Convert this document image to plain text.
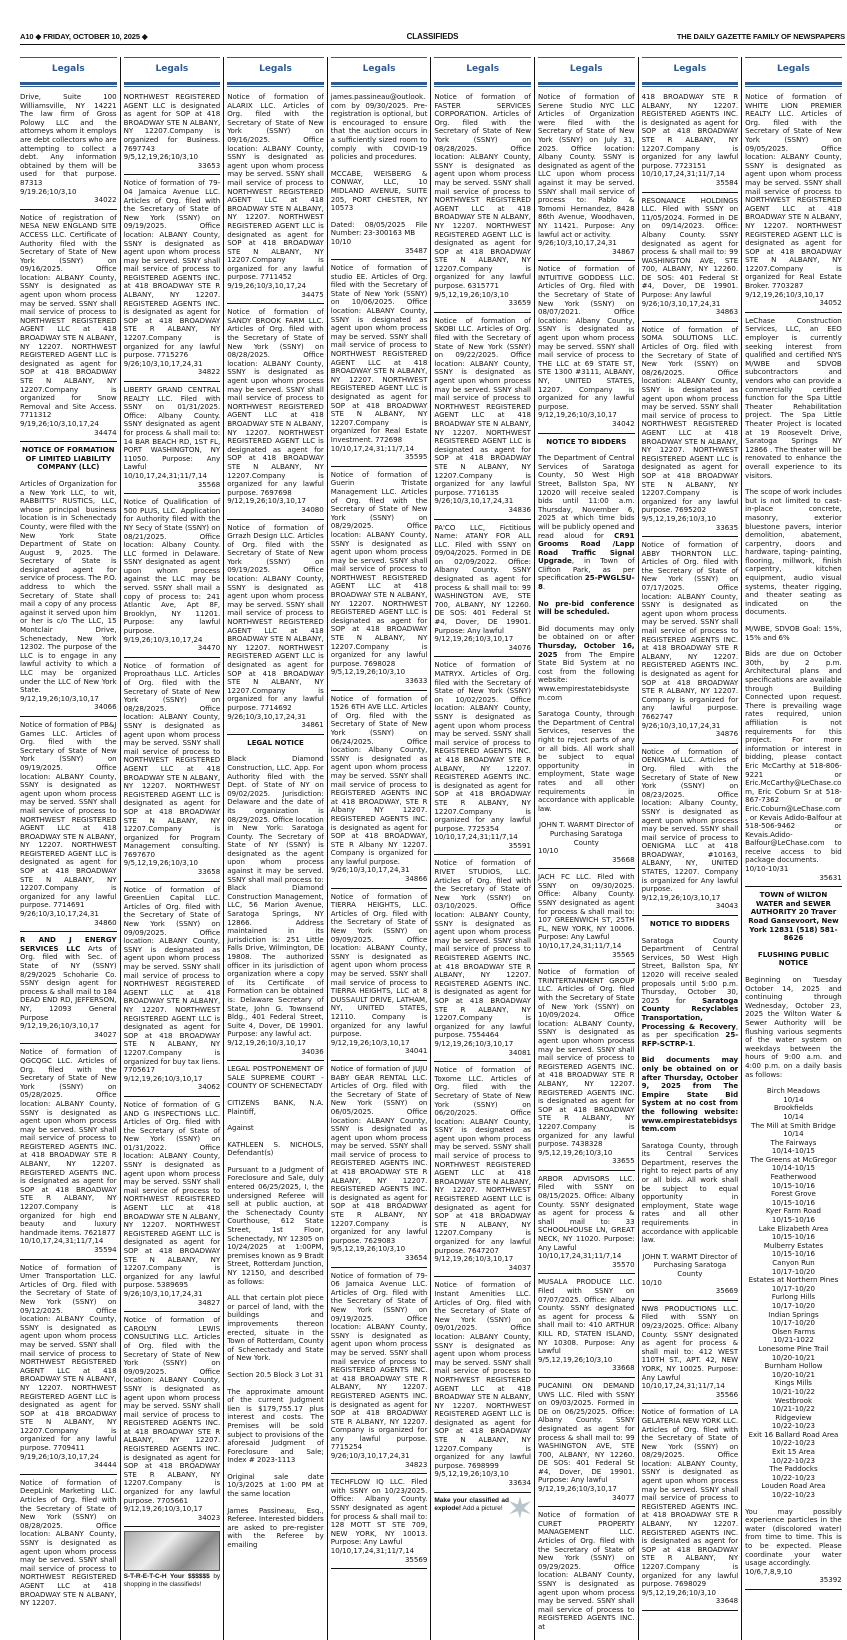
A10 ◆ FRIDAY, OCTOBER 10, 2025 ◆	CLASSIFIEDS	THE DAILY GAZETTE FAMILY OF NEWSPAPERS
Legals

Drive, Suite 100 Williamsville, NY 14221 The law firm of Gross Polowy LLC and the attorneys whom it employs are debt collectors who are attempting to collect a debt. Any information obtained by them will be used for that purpose. 87313

9/19.26;10/3,10
34022

Notice of registration of NESA NEW ENGLAND SITE ACCESS LLC. Certificate of Authority filed with the Secretary of State of New York (SSNY) on 09/16/2025. Office location: ALBANY County, SSNY is designated as agent upon whom process may be served. SSNY shall mail service of process to NORTHWEST REGISTERED AGENT LLC at 418 BROADWAY STE N ALBANY, NY 12207. NORTHWEST REGISTERED AGENT LLC is designated as agent for SOP at 418 BROADWAY STE N ALBANY, NY 12207.Company is organized for Snow Removal and Site Access. 7711312

9/19,26;10/3,10,17,24
34474

NOTICE OF FORMATION OF LIMITED LIABILITY COMPANY (LLC)

Articles of Organization for a New York LLC, to wit, RABBITTS' RUSTICS, LLC, whose principal business location is in Schenectady County, were filed with the New York State Department of State on August 9, 2025. The Secretary of State is designated agent for service of process. The P.O. address to which the Secretary of State shall mail a copy of any process against it served upon him or her is c/o The LLC, 15 Montclair Drive, Schenectady, New York 12302. The purpose of the LLC is to engage in any lawful activity to which a LLC may be organized under the LLC of New York State.

9/12,19,26;10/3,10,17
34066

Notice of formation of PB&J Games LLC. Articles of Org. filed with the Secretary of State of New York (SSNY) on 09/19/2025. Office location: ALBANY County, SSNY is designated as agent upon whom process may be served. SSNY shall mail service of process to NORTHWEST REGISTERED AGENT LLC at 418 BROADWAY STE N ALBANY, NY 12207. NORTHWEST REGISTERED AGENT LLC is designated as agent for SOP at 418 BROADWAY STE N ALBANY, NY 12207.Company is organized for any lawful purpose. 7714691

9/26;10/3,10,17,24,31
34860

R AND J ENERGY SERVICES LLC Arts of Org. filed with Sec. of State of NY (SSNY) 8/29/2025 Schoharie Co. SSNY design agent for process & shall mail to 184 DEAD END RD, JEFFERSON, NY, 12093 General Purpose

9/12,19,26;10/3,10,17
34027

Notice of formation of QGCQGC LLC. Articles of Org. filed with the Secretary of State of New York (SSNY) on 05/28/2025. Office location: ALBANY County, SSNY is designated as agent upon whom process may be served. SSNY shall mail service of process to REGISTERED AGENTS INC. at 418 BROADWAY STE R ALBANY, NY 12207. REGISTERED AGENTS INC. is designated as agent for SOP at 418 BROADWAY STE R ALBANY, NY 12207.Company is organized for high end beauty and luxury handmade items. 7621877

10/10,17,24,31;11/7,14
35594

Notice of formation of Umer Transportation LLC. Articles of Org. filed with the Secretary of State of New York (SSNY) on 09/12/2025. Office location: ALBANY County, SSNY is designated as agent upon whom process may be served. SSNY shall mail service of process to NORTHWEST REGISTERED AGENT LLC at 418 BROADWAY STE N ALBANY, NY 12207. NORTHWEST REGISTERED AGENT LLC is designated as agent for SOP at 418 BROADWAY STE N ALBANY, NY 12207.Company is organized for any lawful purpose. 7709411

9/19,26;10/3,10,17,24
34444

Notice of formation of DeepLink Marketing LLC. Articles of Org. filed with the Secretary of State of New York (SSNY) on 08/28/2025. Office location: ALBANY County, SSNY is designated as agent upon whom process may be served. SSNY shall mail service of process to NORTHWEST REGISTERED AGENT LLC at 418 BROADWAY STE N ALBANY, NY 12207.

Legals

NORTHWEST REGISTERED AGENT LLC is designated as agent for SOP at 418 BROADWAY STE N ALBANY, NY 12207.Company is organized for Business. 7697743

9/5,12,19,26;10/3,10
33653

Notice of formation of 79-04 Jamaica Avenue LLC. Articles of Org. filed with the Secretary of State of New York (SSNY) on 09/19/2025. Office location: ALBANY County, SSNY is designated as agent upon whom process may be served. SSNY shall mail service of process to REGISTERED AGENTS INC. at 418 BROADWAY STE R ALBANY, NY 12207. REGISTERED AGENTS INC. is designated as agent for SOP at 418 BROADWAY STE R ALBANY, NY 12207.Company is organized for any lawful purpose. 7715276

9/26;10/3,10,17,24,31
34822

LIBERTY GRAND CENTRAL REALTY LLC. Filed with SSNY on 01/31/2025. Office: Albany County. SSNY designated as agent for process & shall mail to: 14 BAR BEACH RD, 1ST FL, PORT WASHINGTON, NY 11050. Purpose: Any Lawful

10/10,17,24,31;11/7,14
35568

Notice of Qualification of 500 PLUS, LLC. Application for Authority filed with the NY Secy of State (SSNY) on 08/21/2025. Office location: Albany County. LLC formed in Delaware. SSNY designated as agent upon whom process against the LLC may be served. SSNY shall mail a copy of process to: 241 Atlantic Ave, Apt 8F, Brooklyn, NY 11201. Purpose: any lawful purpose.

9/19,26;10/3,10,17,24
34470

Notice of formation of Proproathaus LLC. Articles of Org. filed with the Secretary of State of New York (SSNY) on 08/28/2025. Office location: ALBANY County, SSNY is designated as agent upon whom process may be served. SSNY shall mail service of process to NORTHWEST REGISTERED AGENT LLC at 418 BROADWAY STE N ALBANY, NY 12207. NORTHWEST REGISTERED AGENT LLC is designated as agent for SOP at 418 BROADWAY STE N ALBANY, NY 12207.Company is organized for Program Management consulting. 7697670

9/5,12,19,26;10/3,10
33658

Notice of formation of GreenLien Capital LLC. Articles of Org. filed with the Secretary of State of New York (SSNY) on 09/09/2025. Office location: ALBANY County, SSNY is designated as agent upon whom process may be served. SSNY shall mail service of process to NORTHWEST REGISTERED AGENT LLC at 418 BROADWAY STE N ALBANY, NY 12207. NORTHWEST REGISTERED AGENT LLC is designated as agent for SOP at 418 BROADWAY STE N ALBANY, NY 12207.Company is organized for buy tax liens. 7705617

9/12,19,26;10/3,10,17
34062

Notice of formation of G AND G INSPECTIONS LLC. Articles of Org. filed with the Secretary of State of New York (SSNY) on 01/31/2022. Office location: ALBANY County, SSNY is designated as agent upon whom process may be served. SSNY shall mail service of process to NORTHWEST REGISTERED AGENT LLC at 418 BROADWAY STE N ALBANY, NY 12207. NORTHWEST REGISTERED AGENT LLC is designated as agent for SOP at 418 BROADWAY STE N ALBANY, NY 12207.Company is organized for any lawful purpose. 5389695

9/26;10/3,10,17,24,31
34827

Notice of formation of CAROLYN LEWIS CONSULTING LLC. Articles of Org. filed with the Secretary of State of New York (SSNY) on 09/09/2025. Office location: ALBANY County, SSNY is designated as agent upon whom process may be served. SSNY shall mail service of process to REGISTERED AGENTS INC. at 418 BROADWAY STE R ALBANY, NY 12207. REGISTERED AGENTS INC. is designated as agent for SOP at 418 BROADWAY STE R ALBANY, NY 12207.Company is organized for any lawful purpose. 7705661

9/12,19,26;10/3,10,17
34023

S-T-R-E-T-C-H Your $$$$$$ by shopping in the classifieds!

Legals

Notice of formation of ALARIX LLC. Articles of Org. filed with the Secretary of State of New York (SSNY) on 09/16/2025. Office location: ALBANY County, SSNY is designated as agent upon whom process may be served. SSNY shall mail service of process to NORTHWEST REGISTERED AGENT LLC at 418 BROADWAY STE N ALBANY, NY 12207. NORTHWEST REGISTERED AGENT LLC is designated as agent for SOP at 418 BROADWAY STE N ALBANY, NY 12207.Company is organized for any lawful purpose. 7711452

9/19,26;10/3,10,17,24
34475

Notice of formation of SANDY BROOK FARM LLC. Articles of Org. filed with the Secretary of State of New York (SSNY) on 08/28/2025. Office location: ALBANY County, SSNY is designated as agent upon whom process may be served. SSNY shall mail service of process to NORTHWEST REGISTERED AGENT LLC at 418 BROADWAY STE N ALBANY, NY 12207. NORTHWEST REGISTERED AGENT LLC is designated as agent for SOP at 418 BROADWAY STE N ALBANY, NY 12207.Company is organized for any lawful purpose. 7697698

9/12,19,26;10/3,10,17
34080

Notice of formation of Grrazh Design LLC. Articles of Org. filed with the Secretary of State of New York (SSNY) on 09/19/2025. Office location: ALBANY County, SSNY is designated as agent upon whom process may be served. SSNY shall mail service of process to NORTHWEST REGISTERED AGENT LLC at 418 BROADWAY STE N ALBANY, NY 12207. NORTHWEST REGISTERED AGENT LLC is designated as agent for SOP at 418 BROADWAY STE N ALBANY, NY 12207.Company is organized for any lawful purpose. 7714692

9/26;10/3,10,17,24,31
34861

LEGAL NOTICE

Black Diamond Construction, LLC. App. For Authority filed with the Dept. of State of NY on 09/02/2025. Jurisdiction: Delaware and the date of its organization is 08/29/2025. Office location in New York: Saratoga County. The Secretary of State of NY (SSNY) is designated as the agent upon whom process against it may be served. SSNY shall mail process to: Black Diamond Construction Management, LLC, 56 Marion Avenue, Saratoga Springs, NY 12866. Address maintained in its jurisdiction is: 251 Little Falls Drive, Wilmington, DE 19808. The authorized officer in its jurisdiction of organization where a copy of its Certificate of Formation can be obtained is: Delaware Secretary of State, John G. Townsend Bldg., 401 Federal Street, Suite 4, Dover, DE 19901. Purpose: any lawful act.

9/12,19,26;10/3,10,17
34036

LEGAL POSTPONEMENT OF SALE SUPREME COURT - COUNTY OF SCHENECTADY

CITIZENS BANK, N.A. Plaintiff,

Against

KATHLEEN S. NICHOLS, Defendant(s)

Pursuant to a Judgment of Foreclosure and Sale, duly entered 06/25/2025, I, the undersigned Referee will sell at public auction, at the Schenectady County Courthouse, 612 State Street, 1st Floor, Schenectady, NY 12305 on 10/24/2025 at 1:00PM, premises known as 9 Bradt Street, Rotterdam Junction, NY 12150, and described as follows:

ALL that certain plot piece or parcel of land, with the buildings and improvements thereon erected, situate in the Town of Rotterdam, County of Schenectady and State of New York.

Section 20.5 Block 3 Lot 31

The approximate amount of the current Judgment lien is $179,755.17 plus interest and costs. The Premises will be sold subject to provisions of the aforesaid Judgment of Foreclosure and Sale; Index # 2023-1113

Original sale date 10/3/2025 at 1:00 PM at the same location

James Passineau, Esq., Referee. Interested bidders are asked to pre-register with the Referee by emailing

Legals

james.passineau@outlook.com by 09/30/2025. Pre-registration is optional, but is encouraged to ensure that the auction occurs in a sufficiently sized room to comply with COVID-19 policies and procedures.

MCCABE, WEISBERG & CONWAY, LLC, 10 MIDLAND AVENUE, SUITE 205, PORT CHESTER, NY 10573

Dated: 08/05/2025 File Number: 23-300163 MB

10/10
35487

Notice of formation of studio EE. Articles of Org. filed with the Secretary of State of New York (SSNY) on 10/06/2025. Office location: ALBANY County, SSNY is designated as agent upon whom process may be served. SSNY shall mail service of process to NORTHWEST REGISTERED AGENT LLC at 418 BROADWAY STE N ALBANY, NY 12207. NORTHWEST REGISTERED AGENT LLC is designated as agent for SOP at 418 BROADWAY STE N ALBANY, NY 12207.Company is organized for Real Estate Investment. 772698

10/10,17,24,31;11/7,14
35595

Notice of formation of Guerin Tristate Management LLC. Articles of Org. filed with the Secretary of State of New York (SSNY) on 08/29/2025. Office location: ALBANY County, SSNY is designated as agent upon whom process may be served. SSNY shall mail service of process to NORTHWEST REGISTERED AGENT LLC at 418 BROADWAY STE N ALBANY, NY 12207. NORTHWEST REGISTERED AGENT LLC is designated as agent for SOP at 418 BROADWAY STE N ALBANY, NY 12207.Company is organized for any lawful purpose. 7698028

9/5,12,19,26;10/3,10
33633

Notice of formation of 1526 6TH AVE LLC. Articles of Org. filed with the Secretary of State of New York (SSNY) on 06/24/2025. Office location: Albany County, SSNY is designated as agent upon whom process may be served. SSNY shall mail service of process to REGISTERED AGENTS INC at 418 BROADWAY, STE R Albany NY 12207. REGISTERED AGENTS INC. is designated as agent for SOP at 418 BROADWAY, STE R Albany NY 12207. Company is organized for any lawful purpose.

9/26;10/3,10,17,24,31
34866

Notice of formation of TIERRA HEIGHTS, LLC. Articles of Org. filed with the Secretary of State of New York (SSNY) on 09/09/2025. Office location: ALBANY County, SSNY is designated as agent upon whom process may be served. SSNY shall mail service of process to TIERRA HEIGHTS, LLC at 8 DUSSAULT DRIVE, LATHAM, NY, UNITED STATES, 12110. Company is organized for any lawful purpose.

9/12,19,26;10/3,10,17
34041

Notice of formation of JUJU BABY GEAR RENTAL LLC. Articles of Org. filed with the Secretary of State of New York (SSNY) on 06/05/2025. Office location: ALBANY County, SSNY is designated as agent upon whom process may be served. SSNY shall mail service of process to REGISTERED AGENTS INC. at 418 BROADWAY STE R ALBANY, NY 12207. REGISTERED AGENTS INC. is designated as agent for SOP at 418 BROADWAY STE R ALBANY, NY 12207.Company is organized for any lawful purpose. 7629083

9/5,12,19,26;10/3,10
33654

Notice of formation of 79-06 Jamaica Avenue LLC. Articles of Org. filed with the Secretary of State of New York (SSNY) on 09/19/2025. Office location: ALBANY County, SSNY is designated as agent upon whom process may be served. SSNY shall mail service of process to REGISTERED AGENTS INC. at 418 BROADWAY STE R ALBANY, NY 12207. REGISTERED AGENTS INC. is designated as agent for SOP at 418 BROADWAY STE R ALBANY, NY 12207. Company is organized for any lawful purpose. 7715254

9/26;10/3,10,17,24,31
34823

TECHFLOW IQ LLC. Filed with SSNY on 10/23/2025. Office: Albany County. SSNY designated as agent for process & shall mail to: 128 MOTT ST STE 709, NEW YORK, NY 10013. Purpose: Any Lawful

10/10,17,24,31;11/7,14
35569
Legals

Notice of formation of FASTER SERVICES CORPORATION. Articles of Org. filed with the Secretary of State of New York (SSNY) on 08/28/2025. Office location: ALBANY County, SSNY is designated as agent upon whom process may be served. SSNY shall mail service of process to NORTHWEST REGISTERED AGENT LLC at 418 BROADWAY STE N ALBANY, NY 12207. NORTHWEST REGISTERED AGENT LLC is designated as agent for SOP at 418 BROADWAY STE N ALBANY, NY 12207.Company is organized for any lawful purpose. 6315771

9/5,12,19,26;10/3,10
33659

Notice of formation of SKOBI LLC. Articles of Org. filed with the Secretary of State of New York (SSNY) on 09/22/2025. Office location: ALBANY County, SSNY is designated as agent upon whom process may be served. SSNY shall mail service of process to NORTHWEST REGISTERED AGENT LLC at 418 BROADWAY STE N ALBANY, NY 12207. NORTHWEST REGISTERED AGENT LLC is designated as agent for SOP at 418 BROADWAY STE N ALBANY, NY 12207.Company is organized for any lawful purpose. 7716135

9/26;10/3,10,17,24,31
34836

PA'CO LLC, Fictitious Name: ATANY FOR ALL LLC. Filed with SSNY on 09/04/2025. Formed in DE on 02/09/2022. Office: Albany County. SSNY designated as agent for process & shall mail to: 99 WASHINGTON AVE, STE 700, ALBANY, NY 12260. DE SOS: 401 Federal St #4, Dover, DE 19901. Purpose: Any lawful

9/12,19,26;10/3,10,17
34076

Notice of formation of MATRYX. Articles of Org. filed with the Secretary of State of New York (SSNY) on 10/02/2025. Office location: ALBANY County, SSNY is designated as agent upon whom process may be served. SSNY shall mail service of process to REGISTERED AGENTS INC. at 418 BROADWAY STE R ALBANY, NY 12207. REGISTERED AGENTS INC. is designated as agent for SOP at 418 BROADWAY STE R ALBANY, NY 12207.Company is organized for any lawful purpose. 7725354

10/10,17,24,31;11/7,14
35591

Notice of formation of RIVET STUDIOS, LLC. Articles of Org. filed with the Secretary of State of New York (SSNY) on 03/10/2025. Office location: ALBANY County, SSNY is designated as agent upon whom process may be served. SSNY shall mail service of process to REGISTERED AGENTS INC. at 418 BROADWAY STE R ALBANY, NY 12207. REGISTERED AGENTS INC. is designated as agent for SOP at 418 BROADWAY STE R ALBANY, NY 12207.Company is organized for any lawful purpose. 7554464

9/12,19,26;10/3,10,17
34081

Notice of formation of Toxome LLC. Articles of Org. filed with the Secretary of State of New York (SSNY) on 06/20/2025. Office location: ALBANY County, SSNY is designated as agent upon whom process may be served. SSNY shall mail service of process to NORTHWEST REGISTERED AGENT LLC at 418 BROADWAY STE N ALBANY, NY 12207. NORTHWEST REGISTERED AGENT LLC is designated as agent for SOP at 418 BROADWAY STE N ALBANY, NY 12207.Company is organized for any lawful purpose. 7647207

9/12,19,26;10/3,10,17
34037

Notice of formation of Instant Amenities LLC. Articles of Org. filed with the Secretary of State of New York (SSNY) on 09/01/2025. Office location: ALBANY County, SSNY is designated as agent upon whom process may be served. SSNY shall mail service of process to NORTHWEST REGISTERED AGENT LLC at 418 BROADWAY STE N ALBANY, NY 12207. NORTHWEST REGISTERED AGENT LLC is designated as agent for SOP at 418 BROADWAY STE N ALBANY, NY 12207.Company is organized for any lawful purpose. 7698999

9/5,12,19,26;10/3,10
33634

Make your classified ad explode! Add a picture!

Legals

Notice of formation of Serene Studio NYC LLC Articles of Organization were filed with the Secretary of State of New York (SSNY) on July 31, 2025. Office location: Albany County. SSNY is designated as agent of the LLC upon whom process against it may be served. SSNY shall mail service of process to: Pablo & Tomomi Hernandez, 8428 86th Avenue, Woodhaven, NY 11421. Purpose: Any lawful act or activity.

9/26;10/3,10,17,24,31
34867

Notice of formation of INTUITIVE GODDESS LLC. Articles of Org. filed with the Secretary of State of New York (SSNY) on 08/07/2021. Office location: Albany County, SSNY is designated as agent upon whom process may be served. SSNY shall mail service of process to THE LLC at 69 STATE ST, STE 1300 #3111, ALBANY, NY, UNITED STATES, 12207. Company is organized for any lawful purpose.

9/12,19,26;10/3,10,17
34042

NOTICE TO BIDDERS

The Department of Central Services of Saratoga County, 50 West High Street, Ballston Spa, NY 12020 will receive sealed bids until 11:00 a.m. Thursday, November 6, 2025 at which time bids will be publicly opened and read aloud for CR91 Grooms Road /Lapp Road Traffic Signal Upgrade, in Town of Clifton Park, as per specification 25-PWGLSU-8.

No pre-bid conference will be scheduled.

Bid documents may only be obtained on or after Thursday, October 16, 2025 from The Empire State Bid System at no cost from the following website: www.empirestatebidsystem.com

Saratoga County, through the Department of Central Services, reserves the right to reject parts of any or all bids. All work shall be subject to equal opportunity in employment, State wage rates and all other requirements in accordance with applicable law.

JOHN T. WARMT Director of Purchasing Saratoga County

10/10
35668

JACH FC LLC. Filed with SSNY on 09/30/2025. Office: Albany County. SSNY designated as agent for process & shall mail to: 107 GREENWICH ST, 25TH FL, NEW YORK, NY 10006. Purpose: Any Lawful

10/10,17,24,31;11/7,14
35565

Notice of formation of TRINTERTAINMENT GROUP LLC. Articles of Org. filed with the Secretary of State of New York (SSNY) on 10/09/2024. Office location: ALBANY County, SSNY is designated as agent upon whom process may be served. SSNY shall mail service of process to REGISTERED AGENTS INC. at 418 BROADWAY STE R ALBANY, NY 12207. REGISTERED AGENTS INC. is designated as agent for SOP at 418 BROADWAY STE R ALBANY, NY 12207.Company is organized for any lawful purpose. 7438328

9/5,12,19,26;10/3,10
33655

ARBOR ADVISORS LLC. Filed with SSNY on 08/15/2025. Office: Albany County. SSNY designated as agent for process & shall mail to: 33 SCHOOLHOUSE LN, GREAT NECK, NY 11020. Purpose: Any Lawful

10/10,17,24,31;11/7,14
35570

MUSALA PRODUCE LLC. Filed with SSNY on 07/07/2025. Office: Albany County. SSNY designated as agent for process & shall mail to: 410 ARTHUR KILL RD, STATEN ISLAND, NY 10308. Purpose: Any Lawful

9/5,12,19,26;10/3,10
33668

PUCANINI ON DEMAND UWS LLC. Filed with SSNY on 09/03/2025. Formed in DE on 06/25/2025. Office: Albany County. SSNY designated as agent for process & shall mail to: 99 WASHINGTON AVE, STE 700, ALBANY, NY 12260. DE SOS: 401 Federal St #4, Dover, DE 19901. Purpose: Any lawful

9/12,19,26;10/3,10,17
34077

Notice of formation of CURET PROPERTY MANAGEMENT LLC. Articles of Org. filed with the Secretary of State of New York (SSNY) on 09/29/2025. Office location: ALBANY County, SSNY is designated as agent upon whom process may be served. SSNY shall mail service of process to REGISTERED AGENTS INC. at

Legals

418 BROADWAY STE R ALBANY, NY 12207. REGISTERED AGENTS INC. is designated as agent for SOP at 418 BROADWAY STE R ALBANY, NY 12207.Company is organized for any lawful purpose. 7723151

10/10,17,24,31;11/7,14
35584

RESONANCE HOLDINGS LLC. Filed with SSNY on 11/05/2024. Formed in DE on 09/14/2023. Office: Albany County. SSNY designated as agent for process & shall mail to: 99 WASHINGTON AVE, STE 700, ALBANY, NY 12260. DE SOS: 401 Federal St #4, Dover, DE 19901. Purpose: Any lawful

9/26;10/3,10,17,24,31
34863

Notice of formation of SOMA SOLUTIONS LLC. Articles of Org. filed with the Secretary of State of New York (SSNY) on 08/26/2025. Office location: ALBANY County, SSNY is designated as agent upon whom process may be served. SSNY shall mail service of process to NORTHWEST REGISTERED AGENT LLC at 418 BROADWAY STE N ALBANY, NY 12207. NORTHWEST REGISTERED AGENT LLC is designated as agent for SOP at 418 BROADWAY STE N ALBANY, NY 12207.Company is organized for any lawful purpose. 7695202

9/5,12,19,26;10/3,10
33635

Notice of formation of ABBY THORNTON LLC. Articles of Org. filed with the Secretary of State of New York (SSNY) on 07/17/2025. Office location: ALBANY County, SSNY is designated as agent upon whom process may be served. SSNY shall mail service of process to REGISTERED AGENTS INC. at 418 BROADWAY STE R ALBANY, NY 12207. REGISTERED AGENTS INC. is designated as agent for SOP at 418 BROADWAY STE R ALBANY, NY 12207. Company is organized for any lawful purpose. 7662747

9/26;10/3,10,17,24,31
34876

Notice of formation of OENIGMA LLC. Articles of Org. filed with the Secretary of State of New York (SSNY) on 08/23/2025. Office location: Albany County, SSNY is designated as agent upon whom process may be served. SSNY shall mail service of process to OENIGMA LLC at 418 BROADWAY, #10163, ALBANY, NY, UNITED STATES, 12207. Company is organized for Any lawful purpose.

9/12,19,26;10/3,10,17
34043

NOTICE TO BIDDERS

Saratoga County Department of Central Services, 50 West High Street, Ballston Spa, NY 12020 will receive sealed proposals until 5:00 p.m. Thursday, October 30, 2025 for Saratoga County Recyclables Transportation, Processing & Recovery, as per specification 25-RFP-SCTRP-1.

Bid documents may only be obtained on or after Thursday, October 9, 2025 from The Empire State Bid System at no cost from the following website: www.empirestatebidsystem.com

Saratoga County, through its Central Services Department, reserves the right to reject parts of any or all bids. All work shall be subject to equal opportunity in employment, State wage rates and all other requirements in accordance with applicable law.

JOHN T. WARMT Director of Purchasing Saratoga County

10/10
35669

NW8 PRODUCTIONS LLC. Filed with SSNY on 09/23/2025. Office: Albany County. SSNY designated as agent for process & shall mail to: 412 WEST 110TH ST., APT. 42, NEW YORK, NY 10025. Purpose: Any Lawful

10/10,17,24,31;11/7,14
35566

Notice of formation of LA GELATERIA NEW YORK LLC. Articles of Org. filed with the Secretary of State of New York (SSNY) on 08/29/2025. Office location: ALBANY County, SSNY is designated as agent upon whom process may be served. SSNY shall mail service of process to REGISTERED AGENTS INC. at 418 BROADWAY STE R ALBANY, NY 12207. REGISTERED AGENTS INC. is designated as agent for SOP at 418 BROADWAY STE R ALBANY, NY 12207.Company is organized for any lawful purpose. 7698029

9/5,12,19,26;10/3,10
33648
Legals

Notice of formation of WHITE LION PREMIER REALTY LLC. Articles of Org. filed with the Secretary of State of New York (SSNY) on 09/05/2025. Office location: ALBANY County, SSNY is designated as agent upon whom process may be served. SSNY shall mail service of process to NORTHWEST REGISTERED AGENT LLC at 418 BROADWAY STE N ALBANY, NY 12207. NORTHWEST REGISTERED AGENT LLC is designated as agent for SOP at 418 BROADWAY STE N ALBANY, NY 12207.Company is organized for Real Estate Broker. 7703287

9/12,19,26;10/3,10,17
34052

LeChase Construction Services, LLC, an EEO employer is currently seeking interest from qualified and certified NYS M/WBE and SDVOB subcontractors and vendors who can provide a commercially certified function for the Spa Little Theater Rehabilitation project. The Spa Little Theater Project is located at 19 Roosevelt Drive, Saratoga Springs NY 12866 . The theater will be renovated to enhance the overall experience to its visitors.

The scope of work includes but is not limited to cast-in-place concrete, masonry, exterior bluestone pavers, interior demolition, abatement, carpentry, doors and hardware, taping- painting, flooring, millwork, finish carpentry, kitchen equipment, audio visual systems, theater rigging, and theater seating as indicated on the documents.

M/WBE, SDVOB Goal: 15%, 15% and 6%

Bids are due on October 30th, by 2 p.m. Architectural plans and specifications are available through Building Connected upon request. There is prevailing wage rates required, union affiliation is not requirements for this project. For more information or interest in bidding, please contact Eric McCarthy at 518-806-9221 or Eric.McCarthy@LeChase.com, Eric Coburn Sr at 518-867-7362 or Eric.Coburn@LeChase.com, or Kevais Adido-Balfour at 518-506-9462 or Kevais.Adido-Balfour@LeChase.com to receive access to bid package documents.

10/10-10/31
35631

TOWN of WILTON WATER and SEWER AUTHORITY 20 Traver Road Gansevoort, New York 12831 (518) 581-8626

FLUSHING PUBLIC NOTICE

Beginning on Tuesday October 14, 2025 and continuing through Wednesday, October 23, 2025 the Wilton Water & Sewer Authority will be flushing various segments of the water system on weekdays between the hours of 9:00 a.m. and 4:00 p.m. on a daily basis as follows:

Birch Meadows
10/14
Brookfields
10/14
The Mill at Smith Bridge
10/14
The Fairways
10/14-10/15
The Greens at McGregor
10/14-10/15
Featherwood
10/15-10/16
Forest Grove
10/15-10/16
Kyer Farm Road
10/15-10/16
Lake Elizabeth Area
10/15-10/16
Mulberry Estates
10/15-10/16
Canyon Run
10/17-10/20
Estates at Northern Pines
10/17-10/20
Furlong Hills
10/17-10/20
Indian Springs
10/17-10/20
Olsen Farms
10/21-1022
Lonesome Pine Trail
10/20-10/21
Burnham Hollow
10/20-10/21
Kings Mills
10/21-10/22
Westbrook
10/21-10/22
Ridgeview
10/22-10/23
Exit 16 Ballard Road Area
10/22-10/23
Exit 15 Area
10/22-10/23
The Paddocks
10/22-10/23
Louden Road Area
10/22-10/23

You may possibly experience particles in the water (discolored water) from time to time. This is to be expected. Please coordinate your water usage accordingly.

10/6,7,8,9,10
35392
